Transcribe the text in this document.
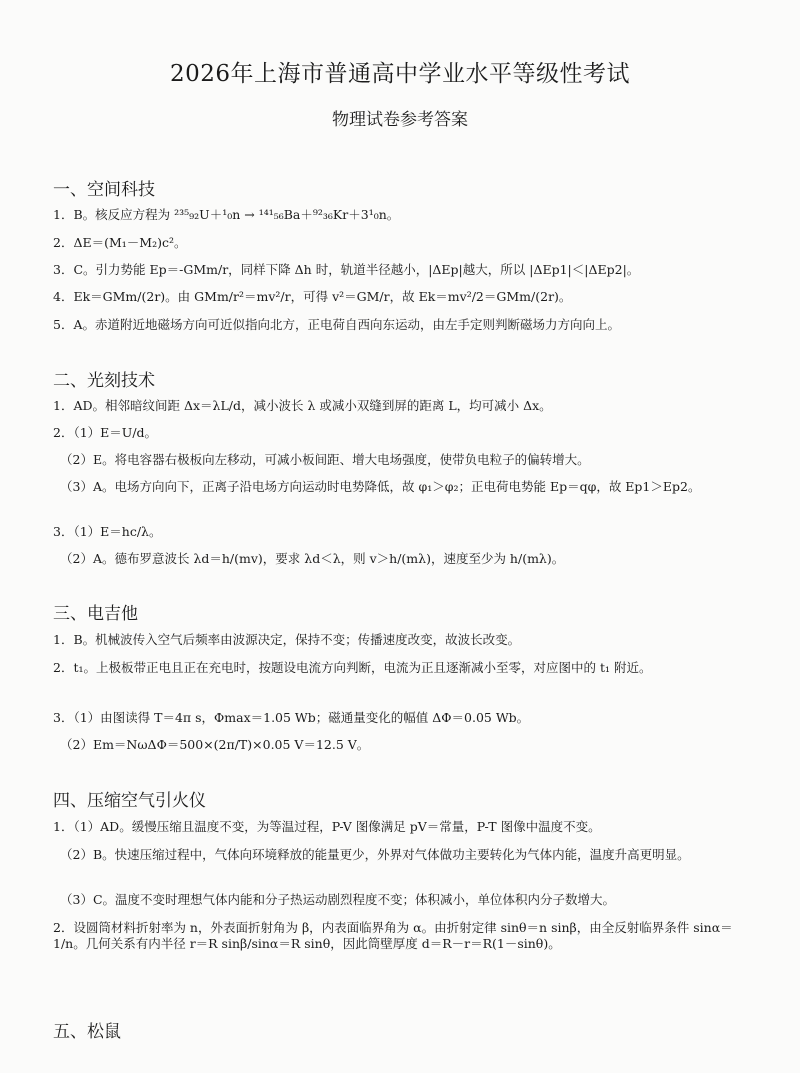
2026年上海市普通高中学业水平等级性考试
物理试卷参考答案
一、空间科技
1．B。核反应方程为 ²³⁵₉₂U＋¹₀n → ¹⁴¹₅₆Ba＋⁹²₃₆Kr＋3¹₀n。
2．ΔE＝(M₁－M₂)c²。
3．C。引力势能 Ep＝-GMm/r，同样下降 Δh 时，轨道半径越小，|ΔEp|越大，所以 |ΔEp1|＜|ΔEp2|。
4．Ek＝GMm/(2r)。由 GMm/r²＝mv²/r，可得 v²＝GM/r，故 Ek＝mv²/2＝GMm/(2r)。
5．A。赤道附近地磁场方向可近似指向北方，正电荷自西向东运动，由左手定则判断磁场力方向向上。
二、光刻技术
1．AD。相邻暗纹间距 Δx＝λL/d，减小波长 λ 或减小双缝到屏的距离 L，均可减小 Δx。
2．（1）E＝U/d。
（2）E。将电容器右极板向左移动，可减小板间距、增大电场强度，使带负电粒子的偏转增大。
（3）A。电场方向向下，正离子沿电场方向运动时电势降低，故 φ₁＞φ₂；正电荷电势能 Ep＝qφ，故 Ep1＞Ep2。
3．（1）E＝hc/λ。
（2）A。德布罗意波长 λd＝h/(mv)，要求 λd＜λ，则 v＞h/(mλ)，速度至少为 h/(mλ)。
三、电吉他
1．B。机械波传入空气后频率由波源决定，保持不变；传播速度改变，故波长改变。
2．t₁。上极板带正电且正在充电时，按题设电流方向判断，电流为正且逐渐减小至零，对应图中的 t₁ 附近。
3．（1）由图读得 T＝4π s，Φmax＝1.05 Wb；磁通量变化的幅值 ΔΦ＝0.05 Wb。
（2）Em＝NωΔΦ＝500×(2π/T)×0.05 V＝12.5 V。
四、压缩空气引火仪
1．（1）AD。缓慢压缩且温度不变，为等温过程，P-V 图像满足 pV＝常量，P-T 图像中温度不变。
（2）B。快速压缩过程中，气体向环境释放的能量更少，外界对气体做功主要转化为气体内能，温度升高更明显。
（3）C。温度不变时理想气体内能和分子热运动剧烈程度不变；体积减小，单位体积内分子数增大。
2．设圆筒材料折射率为 n，外表面折射角为 β，内表面临界角为 α。由折射定律 sinθ＝n sinβ，由全反射临界条件 sinα＝1/n。几何关系有内半径 r＝R sinβ/sinα＝R sinθ，因此筒壁厚度 d＝R－r＝R(1－sinθ)。
五、松鼠
